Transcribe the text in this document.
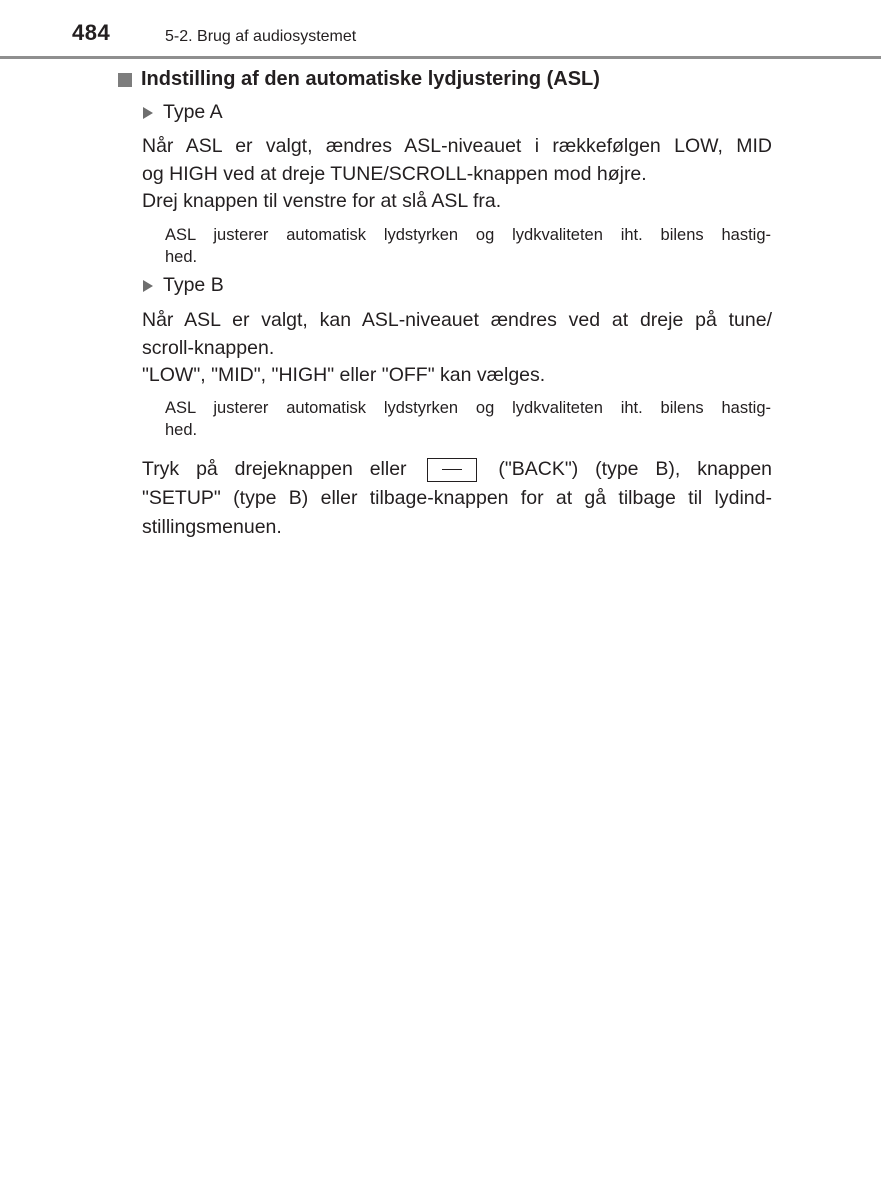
484	5-2. Brug af audiosystemet
Indstilling af den automatiske lydjustering (ASL)
Type A
Når ASL er valgt, ændres ASL-niveauet i rækkefølgen LOW, MID
og HIGH ved at dreje TUNE/SCROLL-knappen mod højre.
Drej knappen til venstre for at slå ASL fra.
ASL justerer automatisk lydstyrken og lydkvaliteten iht. bilens hastig-
hed.
Type B
Når ASL er valgt, kan ASL-niveauet ændres ved at dreje på tune/
scroll-knappen.
"LOW", "MID", "HIGH" eller "OFF" kan vælges.
ASL justerer automatisk lydstyrken og lydkvaliteten iht. bilens hastig-
hed.
Tryk på drejeknappen eller	("BACK") (type B), knappen
"SETUP" (type B) eller tilbage-knappen for at gå tilbage til lydind-
stillingsmenuen.
